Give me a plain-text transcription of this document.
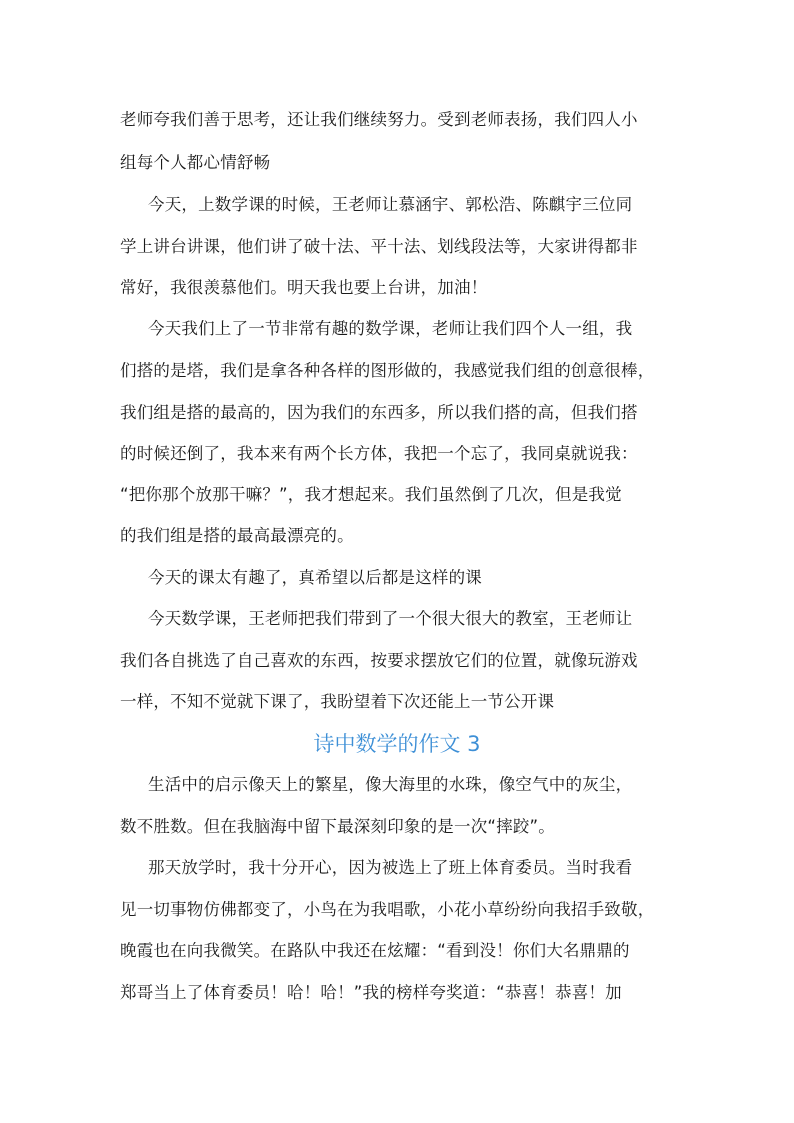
老师夸我们善于思考，还让我们继续努力。受到老师表扬，我们四人小
组每个人都心情舒畅
今天，上数学课的时候，王老师让慕涵宇、郭松浩、陈麒宇三位同
学上讲台讲课，他们讲了破十法、平十法、划线段法等，大家讲得都非
常好，我很羡慕他们。明天我也要上台讲，加油！
今天我们上了一节非常有趣的数学课，老师让我们四个人一组，我
们搭的是塔，我们是拿各种各样的图形做的，我感觉我们组的创意很棒，
我们组是搭的最高的，因为我们的东西多，所以我们搭的高，但我们搭
的时候还倒了，我本来有两个长方体，我把一个忘了，我同桌就说我：
“把你那个放那干嘛？”，我才想起来。我们虽然倒了几次，但是我觉
的我们组是搭的最高最漂亮的。
今天的课太有趣了，真希望以后都是这样的课
今天数学课，王老师把我们带到了一个很大很大的教室，王老师让
我们各自挑选了自己喜欢的东西，按要求摆放它们的位置，就像玩游戏
一样，不知不觉就下课了，我盼望着下次还能上一节公开课
诗中数学的作文 3
生活中的启示像天上的繁星，像大海里的水珠，像空气中的灰尘，
数不胜数。但在我脑海中留下最深刻印象的是一次“摔跤”。
那天放学时，我十分开心，因为被选上了班上体育委员。当时我看
见一切事物仿佛都变了，小鸟在为我唱歌，小花小草纷纷向我招手致敬，
晚霞也在向我微笑。在路队中我还在炫耀：“看到没！你们大名鼎鼎的
郑哥当上了体育委员！哈！哈！”我的榜样夸奖道：“恭喜！恭喜！加
